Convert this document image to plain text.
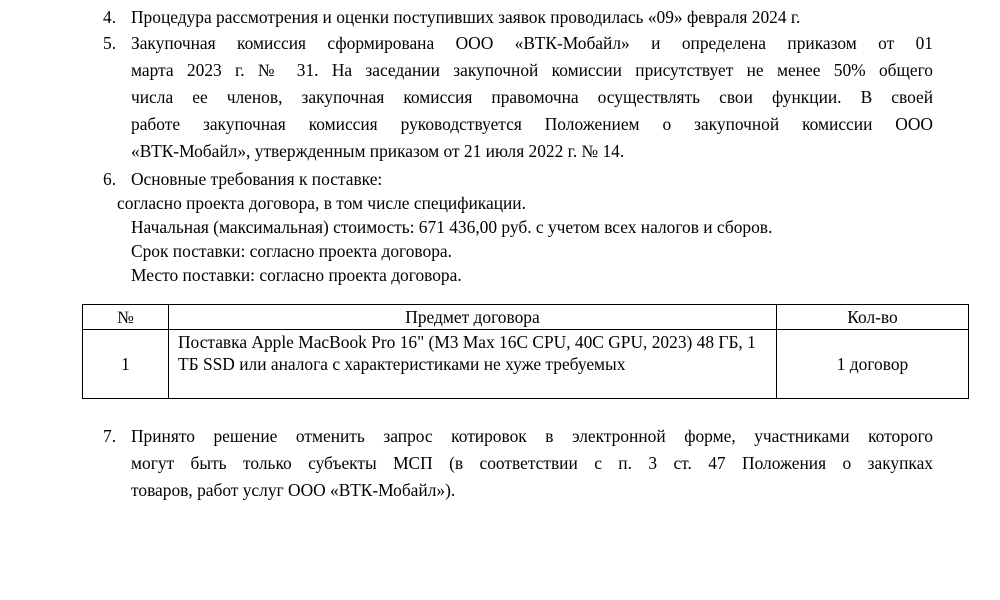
4. Процедура рассмотрения и оценки поступивших заявок проводилась «09» февраля 2024 г.
5. Закупочная комиссия сформирована ООО «ВТК-Мобайл» и определена приказом от 01
марта 2023 г. № 31. На заседании закупочной комиссии присутствует не менее 50% общего
числа ее членов, закупочная комиссия правомочна осуществлять свои функции. В своей
работе закупочная комиссия руководствуется Положением о закупочной комиссии ООО
«ВТК-Мобайл», утвержденным приказом от 21 июля 2022 г. № 14.
6. Основные требования к поставке:
согласно проекта договора, в том числе спецификации.
Начальная (максимальная) стоимость: 671 436,00 руб. с учетом всех налогов и сборов.
Срок поставки: согласно проекта договора.
Место поставки: согласно проекта договора.
№	Предмет договора	Кол-во
1	Поставка Apple MacBook Pro 16" (M3 Max 16C CPU, 40C GPU, 2023) 48 ГБ, 1 ТБ SSD или аналога с характеристиками не хуже требуемых	1 договор
7. Принято решение отменить запрос котировок в электронной форме, участниками которого
могут быть только субъекты МСП (в соответствии с п. 3 ст. 47 Положения о закупках
товаров, работ услуг ООО «ВТК-Мобайл»).
